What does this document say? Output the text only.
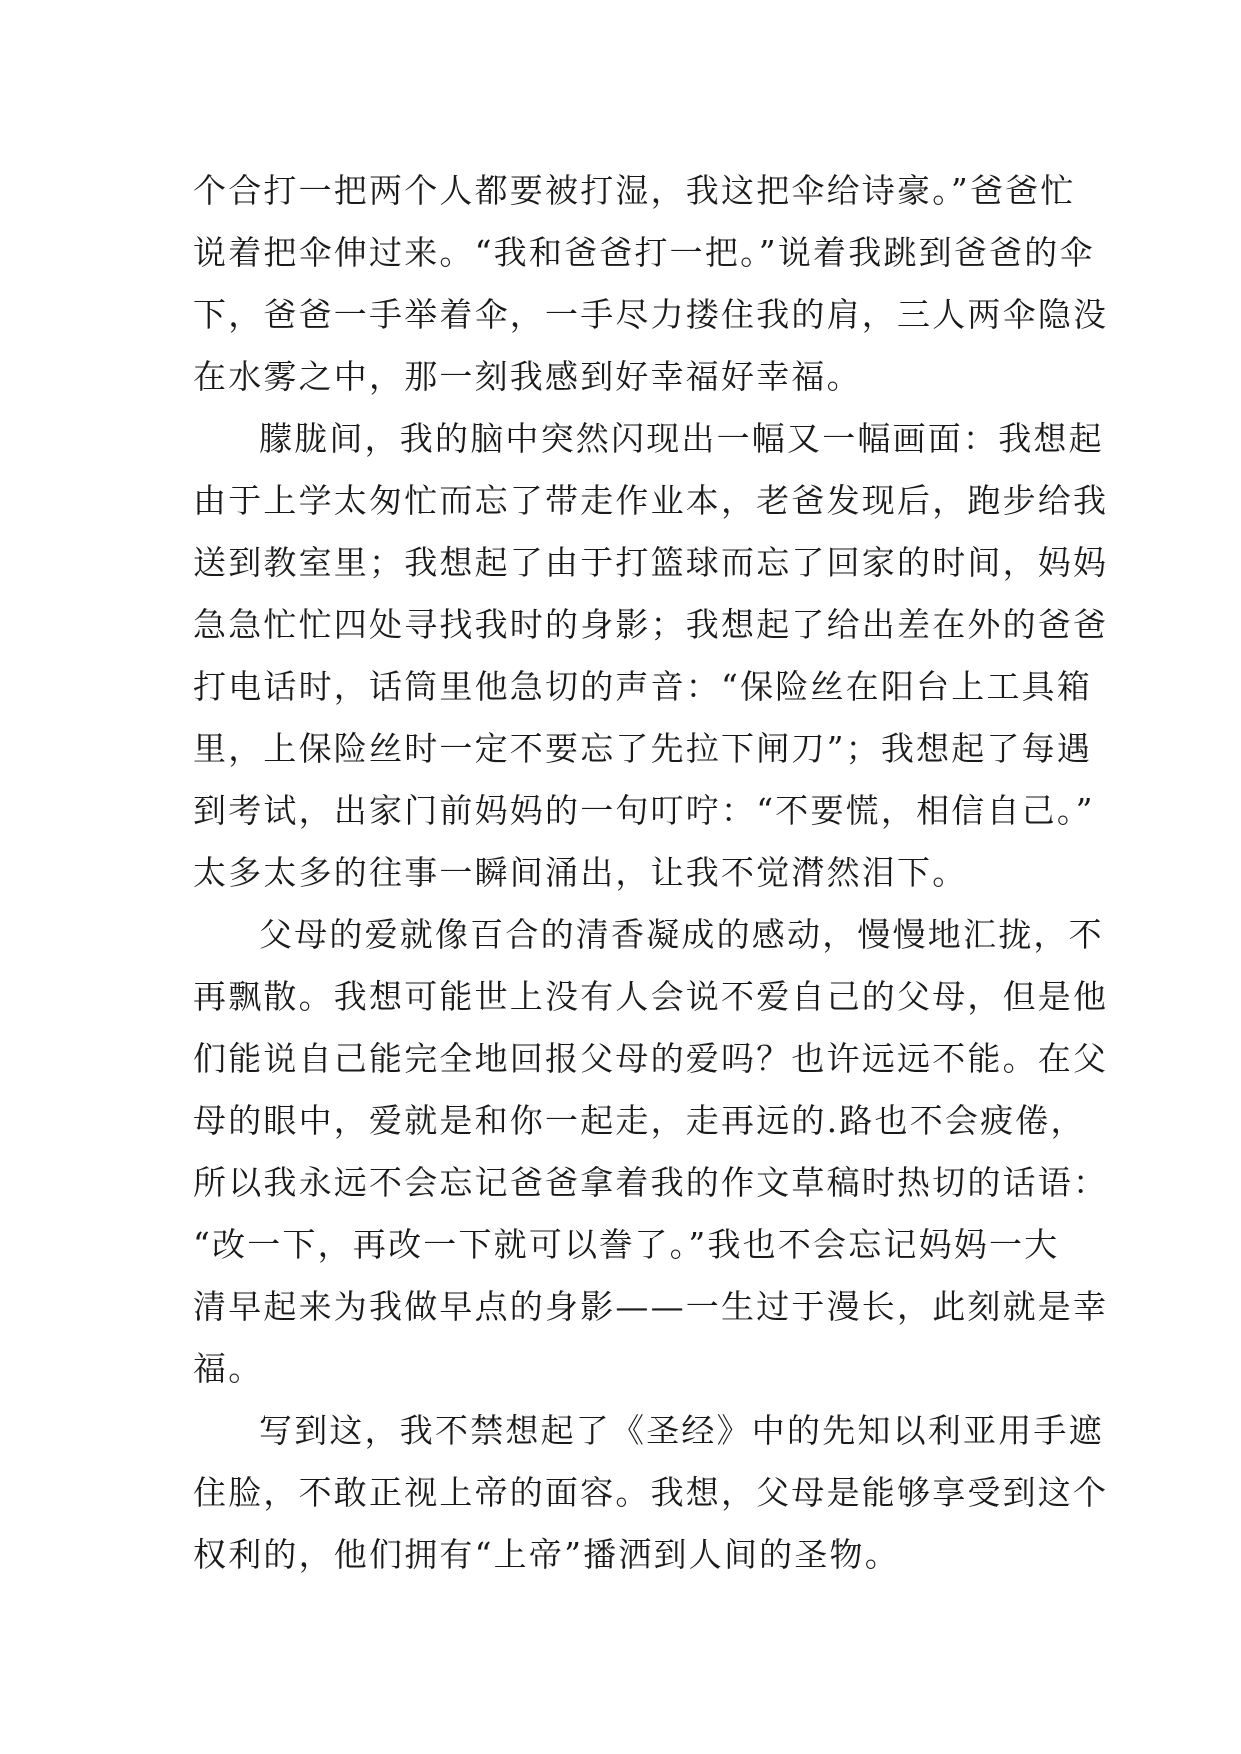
个合打一把两个人都要被打湿，我这把伞给诗豪。”爸爸忙
说着把伞伸过来。“我和爸爸打一把。”说着我跳到爸爸的伞
下，爸爸一手举着伞，一手尽力搂住我的肩，三人两伞隐没
在水雾之中，那一刻我感到好幸福好幸福。
朦胧间，我的脑中突然闪现出一幅又一幅画面：我想起
由于上学太匆忙而忘了带走作业本，老爸发现后，跑步给我
送到教室里；我想起了由于打篮球而忘了回家的时间，妈妈
急急忙忙四处寻找我时的身影；我想起了给出差在外的爸爸
打电话时，话筒里他急切的声音：“保险丝在阳台上工具箱
里，上保险丝时一定不要忘了先拉下闸刀”；我想起了每遇
到考试，出家门前妈妈的一句叮咛：“不要慌，相信自己。”
太多太多的往事一瞬间涌出，让我不觉潸然泪下。
父母的爱就像百合的清香凝成的感动，慢慢地汇拢，不
再飘散。我想可能世上没有人会说不爱自己的父母，但是他
们能说自己能完全地回报父母的爱吗？也许远远不能。在父
母的眼中，爱就是和你一起走，走再远的.路也不会疲倦，
所以我永远不会忘记爸爸拿着我的作文草稿时热切的话语：
“改一下，再改一下就可以誊了。”我也不会忘记妈妈一大
清早起来为我做早点的身影——一生过于漫长，此刻就是幸
福。
写到这，我不禁想起了《圣经》中的先知以利亚用手遮
住脸，不敢正视上帝的面容。我想，父母是能够享受到这个
权利的，他们拥有“上帝”播洒到人间的圣物。
